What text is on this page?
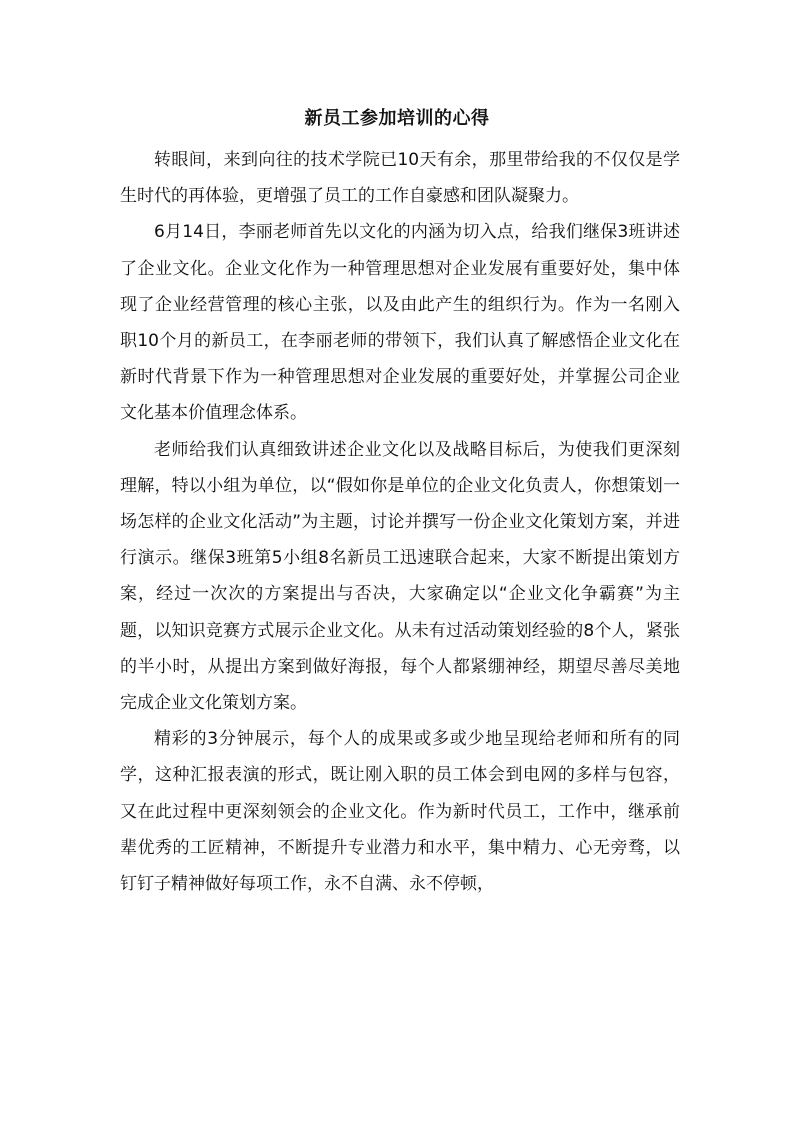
新员工参加培训的心得

转眼间，来到向往的技术学院已10天有余，那里带给我的不仅仅是学生时代的再体验，更增强了员工的工作自豪感和团队凝聚力。

6月14日，李丽老师首先以文化的内涵为切入点，给我们继保3班讲述了企业文化。企业文化作为一种管理思想对企业发展有重要好处，集中体现了企业经营管理的核心主张，以及由此产生的组织行为。作为一名刚入职10个月的新员工，在李丽老师的带领下，我们认真了解感悟企业文化在新时代背景下作为一种管理思想对企业发展的重要好处，并掌握公司企业文化基本价值理念体系。

老师给我们认真细致讲述企业文化以及战略目标后，为使我们更深刻理解，特以小组为单位，以“假如你是单位的企业文化负责人，你想策划一场怎样的企业文化活动”为主题，讨论并撰写一份企业文化策划方案，并进行演示。继保3班第5小组8名新员工迅速联合起来，大家不断提出策划方案，经过一次次的方案提出与否决，大家确定以“企业文化争霸赛”为主题，以知识竞赛方式展示企业文化。从未有过活动策划经验的8个人，紧张的半小时，从提出方案到做好海报，每个人都紧绷神经，期望尽善尽美地完成企业文化策划方案。

精彩的3分钟展示，每个人的成果或多或少地呈现给老师和所有的同学，这种汇报表演的形式，既让刚入职的员工体会到电网的多样与包容，又在此过程中更深刻领会的企业文化。作为新时代员工，工作中，继承前辈优秀的工匠精神，不断提升专业潜力和水平，集中精力、心无旁骛，以钉钉子精神做好每项工作，永不自满、永不停顿，
